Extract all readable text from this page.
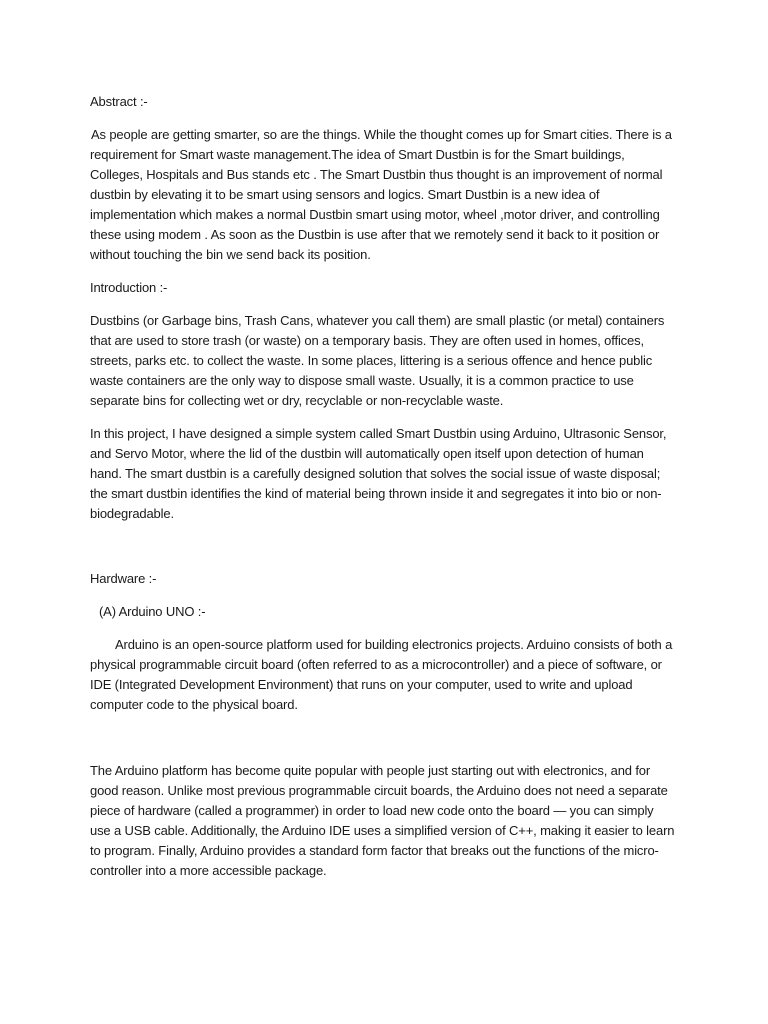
Abstract :-
As people are getting smarter, so are the things. While the thought comes up for Smart cities. There is a
requirement for Smart waste management.The idea of Smart Dustbin is for the Smart buildings,
Colleges, Hospitals and Bus stands etc . The Smart Dustbin thus thought is an improvement of normal
dustbin by elevating it to be smart using sensors and logics. Smart Dustbin is a new idea of
implementation which makes a normal Dustbin smart using motor, wheel ,motor driver, and controlling
these using modem . As soon as the Dustbin is use after that we remotely send it back to it position or
without touching the bin we send back its position.
Introduction :-
Dustbins (or Garbage bins, Trash Cans, whatever you call them) are small plastic (or metal) containers
that are used to store trash (or waste) on a temporary basis. They are often used in homes, offices,
streets, parks etc. to collect the waste. In some places, littering is a serious offence and hence public
waste containers are the only way to dispose small waste. Usually, it is a common practice to use
separate bins for collecting wet or dry, recyclable or non-recyclable waste.
In this project, I have designed a simple system called Smart Dustbin using Arduino, Ultrasonic Sensor,
and Servo Motor, where the lid of the dustbin will automatically open itself upon detection of human
hand. The smart dustbin is a carefully designed solution that solves the social issue of waste disposal;
the smart dustbin identifies the kind of material being thrown inside it and segregates it into bio or non-
biodegradable.
Hardware :-
(A) Arduino UNO :-
Arduino is an open-source platform used for building electronics projects. Arduino consists of both a
physical programmable circuit board (often referred to as a microcontroller) and a piece of software, or
IDE (Integrated Development Environment) that runs on your computer, used to write and upload
computer code to the physical board.
The Arduino platform has become quite popular with people just starting out with electronics, and for
good reason. Unlike most previous programmable circuit boards, the Arduino does not need a separate
piece of hardware (called a programmer) in order to load new code onto the board — you can simply
use a USB cable. Additionally, the Arduino IDE uses a simplified version of C++, making it easier to learn
to program. Finally, Arduino provides a standard form factor that breaks out the functions of the micro-
controller into a more accessible package.
